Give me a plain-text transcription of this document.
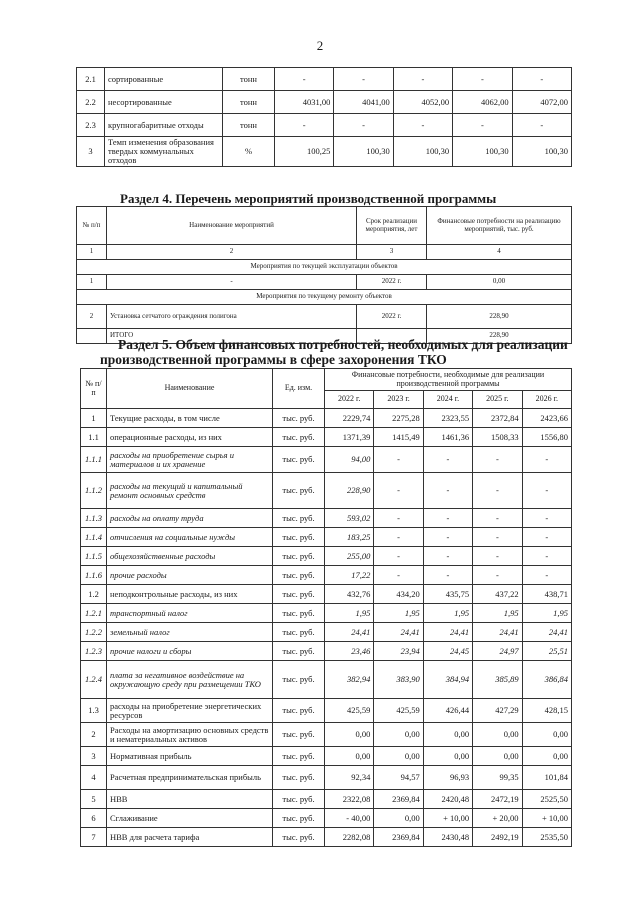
2
2.1	сортированные	тонн	-	-	-	-	-
2.2	несортированные	тонн	4031,00	4041,00	4052,00	4062,00	4072,00
2.3	крупногабаритные отходы	тонн	-	-	-	-	-
3	Темп изменения образования твердых коммунальных отходов	%	100,25	100,30	100,30	100,30	100,30
Раздел 4. Перечень мероприятий производственной программы
№ п/п	Наименование мероприятий	Срок реализации мероприятия, лет	Финансовые потребности на реализацию мероприятий, тыс. руб.
1	2	3	4
Мероприятия по текущей эксплуатации объектов			
1	-	2022 г.	0,00
Мероприятия по текущему ремонту объектов			
2	Установка сетчатого ограждения полигона	2022 г.	228,90
	ИТОГО		228,90
Раздел 5. Объем финансовых потребностей, необходимых для реализации
производственной программы в сфере захоронения ТКО
№ п/п	Наименование	Ед. изм.	Финансовые потребности, необходимые для реализации производственной программы				
			2022 г.	2023 г.	2024 г.	2025 г.	2026 г.
1	Текущие расходы, в том числе	тыс. руб.	2229,74	2275,28	2323,55	2372,84	2423,66
1.1	операционные расходы, из них	тыс. руб.	1371,39	1415,49	1461,36	1508,33	1556,80
1.1.1	расходы на приобретение сырья и материалов и их хранение	тыс. руб.	94,00	-	-	-	-
1.1.2	расходы на текущий и капитальный ремонт основных средств	тыс. руб.	228,90	-	-	-	-
1.1.3	расходы на оплату труда	тыс. руб.	593,02	-	-	-	-
1.1.4	отчисления на социальные нужды	тыс. руб.	183,25	-	-	-	-
1.1.5	общехозяйственные расходы	тыс. руб.	255,00	-	-	-	-
1.1.6	прочие расходы	тыс. руб.	17,22	-	-	-	-
1.2	неподконтрольные расходы, из них	тыс. руб.	432,76	434,20	435,75	437,22	438,71
1.2.1	транспортный налог	тыс. руб.	1,95	1,95	1,95	1,95	1,95
1.2.2	земельный налог	тыс. руб.	24,41	24,41	24,41	24,41	24,41
1.2.3	прочие налоги и сборы	тыс. руб.	23,46	23,94	24,45	24,97	25,51
1.2.4	плата за негативное воздействие на окружающую среду при размещении ТКО	тыс. руб.	382,94	383,90	384,94	385,89	386,84
1.3	расходы на приобретение энергетических ресурсов	тыс. руб.	425,59	425,59	426,44	427,29	428,15
2	Расходы на амортизацию основных средств и нематериальных активов	тыс. руб.	0,00	0,00	0,00	0,00	0,00
3	Нормативная прибыль	тыс. руб.	0,00	0,00	0,00	0,00	0,00
4	Расчетная предпринимательская прибыль	тыс. руб.	92,34	94,57	96,93	99,35	101,84
5	НВВ	тыс. руб.	2322,08	2369,84	2420,48	2472,19	2525,50
6	Сглаживание	тыс. руб.	- 40,00	0,00	+ 10,00	+ 20,00	+ 10,00
7	НВВ для расчета тарифа	тыс. руб.	2282,08	2369,84	2430,48	2492,19	2535,50
